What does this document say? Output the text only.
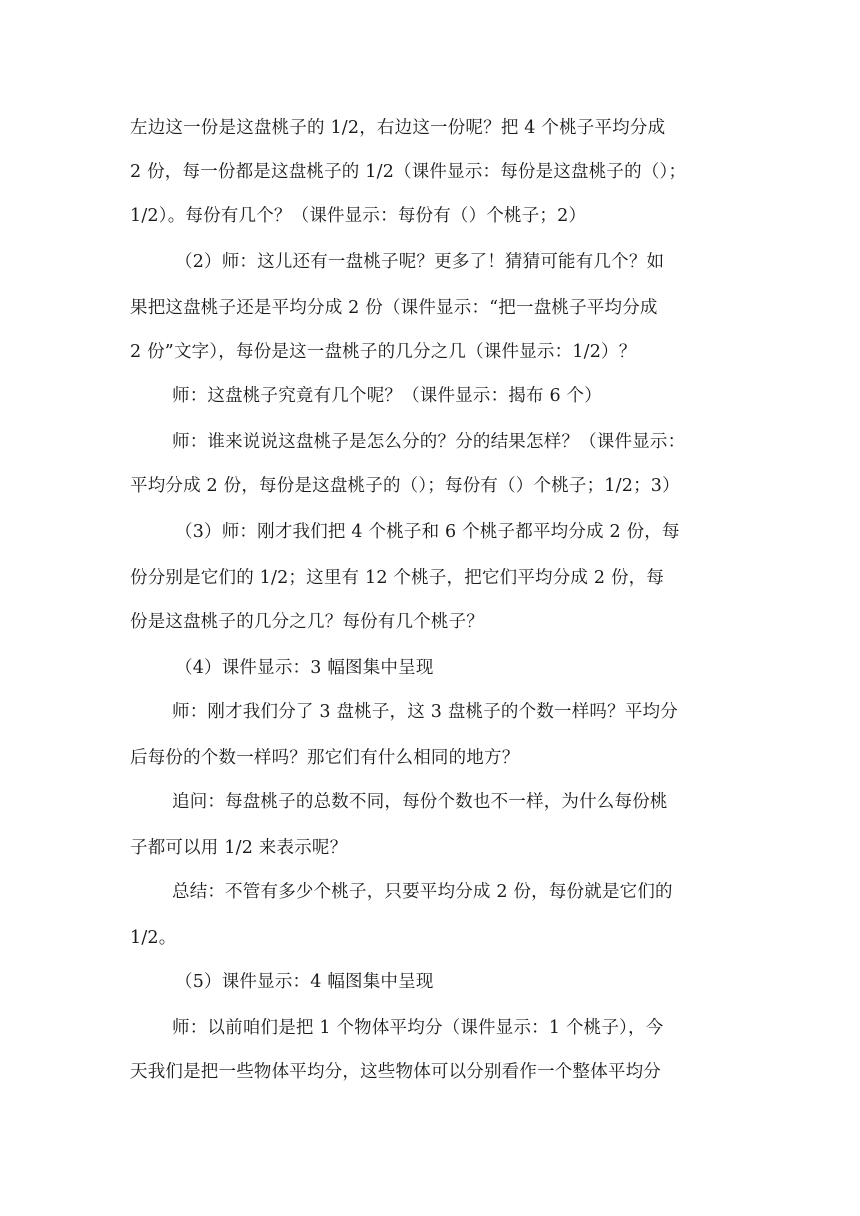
左边这一份是这盘桃子的 1/2，右边这一份呢？把 4 个桃子平均分成
2 份，每一份都是这盘桃子的 1/2（课件显示：每份是这盘桃子的（）；
1/2）。每份有几个？（课件显示：每份有（）个桃子；2）
（2）师：这儿还有一盘桃子呢？更多了！猜猜可能有几个？如
果把这盘桃子还是平均分成 2 份（课件显示：“把一盘桃子平均分成
2 份”文字），每份是这一盘桃子的几分之几（课件显示：1/2）？
师：这盘桃子究竟有几个呢？（课件显示：揭布 6 个）
师：谁来说说这盘桃子是怎么分的？分的结果怎样？（课件显示：
平均分成 2 份，每份是这盘桃子的（）；每份有（）个桃子；1/2；3）
（3）师：刚才我们把 4 个桃子和 6 个桃子都平均分成 2 份，每
份分别是它们的 1/2；这里有 12 个桃子，把它们平均分成 2 份，每
份是这盘桃子的几分之几？每份有几个桃子？
（4）课件显示：3 幅图集中呈现
师：刚才我们分了 3 盘桃子，这 3 盘桃子的个数一样吗？平均分
后每份的个数一样吗？那它们有什么相同的地方？
追问：每盘桃子的总数不同，每份个数也不一样，为什么每份桃
子都可以用 1/2 来表示呢？
总结：不管有多少个桃子，只要平均分成 2 份，每份就是它们的
1/2。
（5）课件显示：4 幅图集中呈现
师：以前咱们是把 1 个物体平均分（课件显示：1 个桃子），今
天我们是把一些物体平均分，这些物体可以分别看作一个整体平均分
